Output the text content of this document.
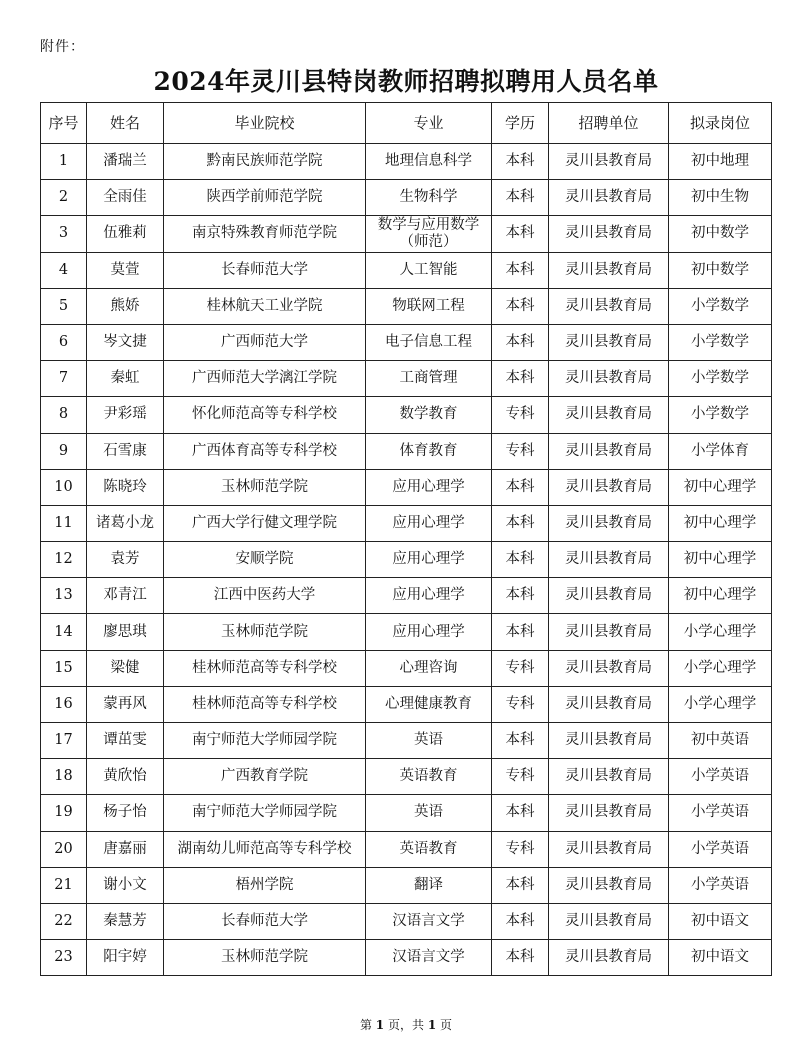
附件：
2024年灵川县特岗教师招聘拟聘用人员名单
序号	姓名	毕业院校	专业	学历	招聘单位	拟录岗位
1	潘瑞兰	黔南民族师范学院	地理信息科学	本科	灵川县教育局	初中地理
2	全雨佳	陕西学前师范学院	生物科学	本科	灵川县教育局	初中生物
3	伍雅莉	南京特殊教育师范学院	数学与应用数学（师范）	本科	灵川县教育局	初中数学
4	莫萱	长春师范大学	人工智能	本科	灵川县教育局	初中数学
5	熊娇	桂林航天工业学院	物联网工程	本科	灵川县教育局	小学数学
6	岑文捷	广西师范大学	电子信息工程	本科	灵川县教育局	小学数学
7	秦虹	广西师范大学漓江学院	工商管理	本科	灵川县教育局	小学数学
8	尹彩瑶	怀化师范高等专科学校	数学教育	专科	灵川县教育局	小学数学
9	石雪康	广西体育高等专科学校	体育教育	专科	灵川县教育局	小学体育
10	陈晓玲	玉林师范学院	应用心理学	本科	灵川县教育局	初中心理学
11	诸葛小龙	广西大学行健文理学院	应用心理学	本科	灵川县教育局	初中心理学
12	袁芳	安顺学院	应用心理学	本科	灵川县教育局	初中心理学
13	邓青江	江西中医药大学	应用心理学	本科	灵川县教育局	初中心理学
14	廖思琪	玉林师范学院	应用心理学	本科	灵川县教育局	小学心理学
15	梁健	桂林师范高等专科学校	心理咨询	专科	灵川县教育局	小学心理学
16	蒙再风	桂林师范高等专科学校	心理健康教育	专科	灵川县教育局	小学心理学
17	谭茁雯	南宁师范大学师园学院	英语	本科	灵川县教育局	初中英语
18	黄欣怡	广西教育学院	英语教育	专科	灵川县教育局	小学英语
19	杨子怡	南宁师范大学师园学院	英语	本科	灵川县教育局	小学英语
20	唐嘉丽	湖南幼儿师范高等专科学校	英语教育	专科	灵川县教育局	小学英语
21	谢小文	梧州学院	翻译	本科	灵川县教育局	小学英语
22	秦慧芳	长春师范大学	汉语言文学	本科	灵川县教育局	初中语文
23	阳宇婷	玉林师范学院	汉语言文学	本科	灵川县教育局	初中语文
第 1 页，共 1 页
